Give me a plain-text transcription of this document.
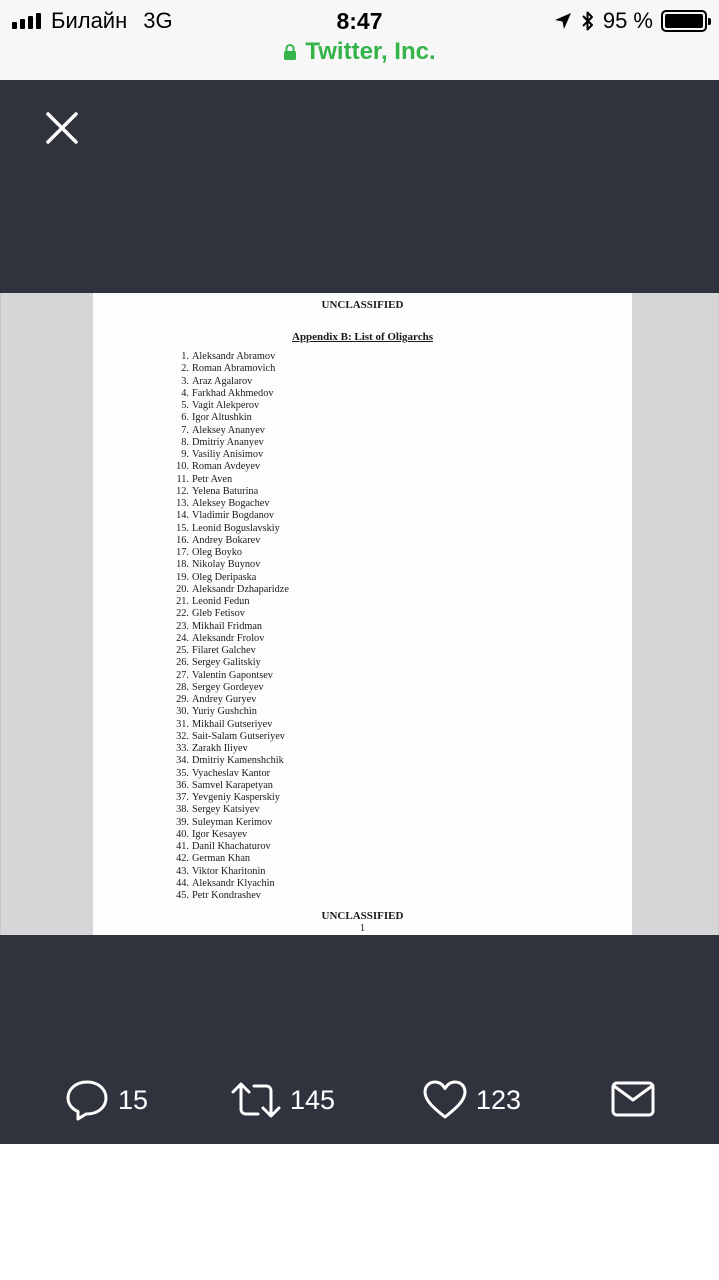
Билайн 3G	8:47	95 %
Twitter, Inc.
UNCLASSIFIED
Appendix B: List of Oligarchs
1. Aleksandr Abramov
2. Roman Abramovich
3. Araz Agalarov
4. Farkhad Akhmedov
5. Vagit Alekperov
6. Igor Altushkin
7. Aleksey Ananyev
8. Dmitriy Ananyev
9. Vasiliy Anisimov
10. Roman Avdeyev
11. Petr Aven
12. Yelena Baturina
13. Aleksey Bogachev
14. Vladimir Bogdanov
15. Leonid Boguslavskiy
16. Andrey Bokarev
17. Oleg Boyko
18. Nikolay Buynov
19. Oleg Deripaska
20. Aleksandr Dzhaparidze
21. Leonid Fedun
22. Gleb Fetisov
23. Mikhail Fridman
24. Aleksandr Frolov
25. Filaret Galchev
26. Sergey Galitskiy
27. Valentin Gapontsev
28. Sergey Gordeyev
29. Andrey Guryev
30. Yuriy Gushchin
31. Mikhail Gutseriyev
32. Sait-Salam Gutseriyev
33. Zarakh Iliyev
34. Dmitriy Kamenshchik
35. Vyacheslav Kantor
36. Samvel Karapetyan
37. Yevgeniy Kasperskiy
38. Sergey Katsiyev
39. Suleyman Kerimov
40. Igor Kesayev
41. Danil Khachaturov
42. German Khan
43. Viktor Kharitonin
44. Aleksandr Klyachin
45. Petr Kondrashev
UNCLASSIFIED
1
15	145	123
